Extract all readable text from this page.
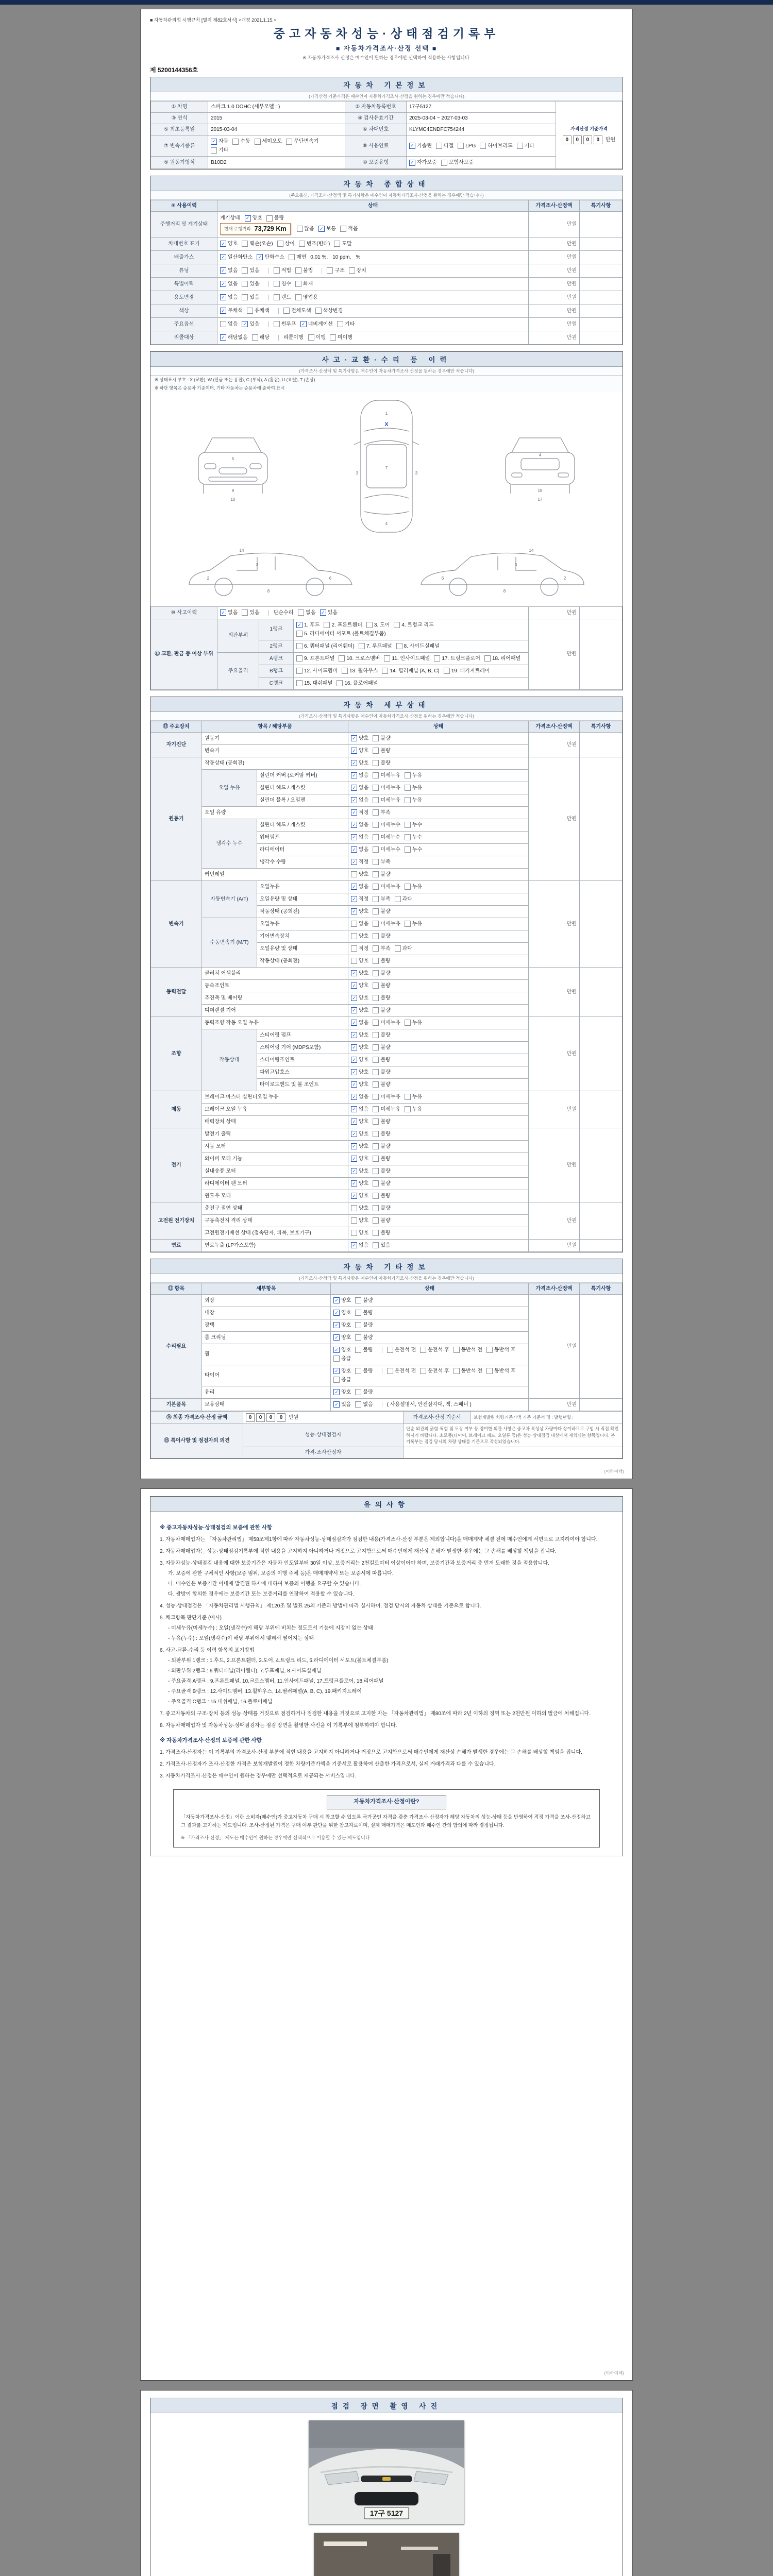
■ 자동차관리법 시행규칙 [별지 제82호서식] <개정 2021.1.15.>
중고자동차성능·상태점검기록부
■ 자동차가격조사·산정 선택 ■
※ 자동차가격조사·산정은 매수인이 원하는 경우에만 선택하여 적용하는 사항입니다.
제 5200144356호
자동차 기본정보
(가격산정 기준가격은 매수인이 자동차가격조사·산정을 원하는 경우에만 적습니다)
① 차명	스파크 1.0 DOHC (세부모델 : )	② 자동차등록번호	17구5127	가격산정 기준가격
0 0 0 0 만원

③ 연식	2015	④ 검사유효기간	2025-03-04 ~ 2027-03-03	
⑤ 최초등록일	2015-03-04	⑥ 차대번호	KLYMC4ENDFC754244	
⑦ 변속기종류	
✓ 자동 수동 세미오토 무단변속기
기타
	⑧ 사용연료	✓ 가솔린 디젤 LPG 하이브리드 기타

⑨ 원동기형식	B10D2	⑩ 보증유형	✓ 자가보증 보험사보증	
자동차 종합상태
(주요옵션, 가격조사·산정액 및 특기사항은 매수인이 자동차가격조사·산정을 원하는 경우에만 적습니다)
⑨ 사용이력	상태	가격조사·산정액	특기사항
주행거리 및 계기상태	
계기상태 ✓ 양호 불량
현재 주행거리 73,729 Km	많음 ✓ 보통 적음
	만원	
차대번호 표기	✓ 양호 훼손(오손) 상이 변조(변타) 도말	만원	
배출가스	✓ 일산화탄소 ✓ 탄화수소 매연 0.01 %, 10 ppm, %	만원	
튜닝	✓ 없음 있음	적법 불법	구조 장치	만원	
특별이력	✓ 없음 있음 침수 화재	만원	
용도변경	✓ 없음 있음 렌트 영업용	만원	
색상	✓ 무채색 유채색 전체도색 색상변경	만원	
주요옵션	없음 ✓ 있음	썬루프 ✓ 네비게이션 기타	만원	
리콜대상	✓ 해당없음 해당	리콜이행 이행 미이행	만원	
사고·교환·수리 등 이력
(가격조사·산정액 및 특기사항은 매수인이 자동차가격조사·산정을 원하는 경우에만 적습니다)
※ 상태표시 부호 : X (교환), W (판금 또는 용접), C (부식), A (흠집), U (요철), T (손상)
※ 하단 항목은 승용차 기준이며, 기타 자동차는 승용차에 준하여 표시
5
9
10
1
7
4
3	3
X
4
18
17
2
3
6
8
14
2
3
6
8
14
⑩ 사고이력	✓ 없음 있음	단순수리 없음 ✓ 있음	만원	
⑪ 교환, 판금 등 이상 부위	외판부위	1랭크	
✓ 1. 후드 2. 프론트휀더 3. 도어 4. 트렁크 리드
5. 라디에이터 서포트 (볼트체결부품)
	만원	
		2랭크	6. 쿼터패널 (리어휀더) 7. 루프패널 8. 사이드실패널		

	주요골격	A랭크	9. 프론트패널 10. 크로스멤버 11. 인사이드패널 17. 트렁크플로어 18. 리어패널		

		B랭크	12. 사이드멤버 13. 휠하우스 14. 필러패널 (A, B, C) 19. 패키지트레이		

		C랭크	15. 대쉬패널 16. 플로어패널		
자동차 세부상태
(가격조사·산정액 및 특기사항은 매수인이 자동차가격조사·산정을 원하는 경우에만 적습니다)
⑫ 주요장치	항목 / 해당부품		상태	가격조사·산정액	특기사항
자기진단	원동기		✓ 양호 불량	만원	
	변속기		✓ 양호 불량		

원동기	작동상태 (공회전)		✓ 양호 불량	만원	
	오일 누유	실린더 커버 (로커암 커버)	✓ 없음 미세누유 누유		

		실린더 헤드 / 개스킷	✓ 없음 미세누유 누유		

		실린더 블록 / 오일팬	✓ 없음 미세누유 누유		

	오일 유량		✓ 적정 부족		

	냉각수 누수	실린더 헤드 / 개스킷	✓ 없음 미세누수 누수		

		워터펌프	✓ 없음 미세누수 누수		

		라디에이터	✓ 없음 미세누수 누수		

		냉각수 수량	✓ 적정 부족		

	커먼레일		양호 불량		

변속기	자동변속기 (A/T)	오일누유	✓ 없음 미세누유 누유	만원	
		오일유량 및 상태	✓ 적정 부족 과다		

		작동상태 (공회전)	✓ 양호 불량		

	수동변속기 (M/T)	오일누유	없음 미세누유 누유		

		기어변속장치	양호 불량		

		오일유량 및 상태	적정 부족 과다		

		작동상태 (공회전)	양호 불량		

동력전달	클러치 어셈블리		✓ 양호 불량	만원	
	등속조인트		✓ 양호 불량		

	추진축 및 베어링		✓ 양호 불량		

	디퍼렌셜 기어		✓ 양호 불량		

조향	동력조향 작동 오일 누유		✓ 없음 미세누유 누유	만원	
	작동상태	스티어링 펌프	✓ 양호 불량		

		스티어링 기어 (MDPS포함)	✓ 양호 불량		

		스티어링조인트	✓ 양호 불량		

		파워고압호스	✓ 양호 불량		

		타이로드엔드 및 볼 조인트	✓ 양호 불량		

제동	브레이크 마스터 실린더오일 누유		✓ 없음 미세누유 누유	만원	
	브레이크 오일 누유		✓ 없음 미세누유 누유		

	배력장치 상태		✓ 양호 불량		

전기	발전기 출력		✓ 양호 불량	만원	
	시동 모터		✓ 양호 불량		

	와이퍼 모터 기능		✓ 양호 불량		

	실내송풍 모터		✓ 양호 불량		

	라디에이터 팬 모터		✓ 양호 불량		

	윈도우 모터		✓ 양호 불량		

고전원 전기장치	충전구 절연 상태		양호 불량	만원	
	구동축전지 격리 상태		양호 불량		

	고전원전기배선 상태 (접속단자, 피복, 보호기구)		양호 불량		

연료	연료누출 (LP가스포함)		✓ 없음 있음	만원	
자동차 기타정보
(가격조사·산정액 및 특기사항은 매수인이 자동차가격조사·산정을 원하는 경우에만 적습니다)
⑬ 항목	세부항목	상태	가격조사·산정액	특기사항
수리필요	외장	✓ 양호 불량	만원	
	내장	✓ 양호 불량		

	광택	✓ 양호 불량		

	룸 크리닝	✓ 양호 불량		

휠	
✓ 양호 불량	운전석 전 운전석 후 동반석 전 동반석 후
응급

타이어	
✓ 양호 불량	운전석 전 운전석 후 동반석 전 동반석 후
응급

	유리	✓ 양호 불량		

기본품목	보유상태	✓ 있음 없음 ( 사용설명서, 안전삼각대, 잭, 스패너 )	만원	
⑭ 최종 가격조사·산정 금액	0 0 0 0 만원	가격조사·산정 기준서	보험개발원 차량기준가액 기준 기준서 명 : 발행년월 :
⑮ 특이사항 및 점검자의 의견	성능·상태점검자	단순 외관의 긁힘·찍힘 및 도장 여부 등 경미한 외관 사항은 중고차 특성상 차량마다 상이하므로 구입 시 직접 확인하시기 바랍니다. 소모품(타이어, 브레이크 패드, 오일류 등)은 성능·상태점검 대상에서 제외되는 항목입니다. 본 기록부는 점검 당시의 차량 상태를 기준으로 작성되었습니다.	
	가격·조사산정자		
(이하여백)
유의사항
※ 중고자동차성능·상태점검의 보증에 관한 사항
1. 자동차매매업자는 「자동차관리법」 제58조제1항에 따라 자동차성능·상태점검자가 점검한 내용(가격조사·산정 부분은 제외합니다)을 매매계약 체결 전에 매수인에게 서면으로 고지하여야 합니다.
2. 자동차매매업자는 성능·상태점검기록부에 적힌 내용을 고지하지 아니하거나 거짓으로 고지함으로써 매수인에게 재산상 손해가 발생한 경우에는 그 손해를 배상할 책임을 집니다.
3. 자동차성능·상태점검 내용에 대한 보증기간은 자동차 인도일부터 30일 이상, 보증거리는 2천킬로미터 이상이어야 하며, 보증기간과 보증거리 중 먼저 도래한 것을 적용합니다.
가. 보증에 관한 구체적인 사항(보증 범위, 보증의 이행 주체 등)은 매매계약서 또는 보증서에 따릅니다.
나. 매수인은 보증기간 이내에 발견된 하자에 대하여 보증의 이행을 요구할 수 있습니다.
다. 쌍방이 합의한 경우에는 보증기간 또는 보증거리를 연장하여 적용할 수 있습니다.
4. 성능·상태점검은 「자동차관리법 시행규칙」 제120조 및 별표 25의 기준과 방법에 따라 실시하며, 점검 당시의 자동차 상태를 기준으로 합니다.
5. 체크항목 판단기준 (예시)
- 미세누유(미세누수) : 오일(냉각수)이 해당 부위에 비치는 정도로서 기능에 지장이 없는 상태
- 누유(누수) : 오일(냉각수)이 해당 부위에서 맺혀서 떨어지는 상태
6. 사고·교환·수리 등 이력 항목의 표기방법
- 외판부위 1랭크 : 1.후드, 2.프론트휀더, 3.도어, 4.트렁크 리드, 5.라디에이터 서포트(볼트체결부품)
- 외판부위 2랭크 : 6.쿼터패널(리어휀더), 7.루프패널, 8.사이드실패널
- 주요골격 A랭크 : 9.프론트패널, 10.크로스멤버, 11.인사이드패널, 17.트렁크플로어, 18.리어패널
- 주요골격 B랭크 : 12.사이드멤버, 13.휠하우스, 14.필러패널(A, B, C), 19.패키지트레이
- 주요골격 C랭크 : 15.대쉬패널, 16.플로어패널
7. 중고자동차의 구조·장치 등의 성능·상태를 거짓으로 점검하거나 점검한 내용을 거짓으로 고지한 자는 「자동차관리법」 제80조에 따라 2년 이하의 징역 또는 2천만원 이하의 벌금에 처해집니다.
8. 자동차매매업자 및 자동차성능·상태점검자는 점검 장면을 촬영한 사진을 이 기록부에 첨부하여야 합니다.
※ 자동차가격조사·산정의 보증에 관한 사항
1. 가격조사·산정자는 이 기록부의 가격조사·산정 부분에 적힌 내용을 고지하지 아니하거나 거짓으로 고지함으로써 매수인에게 재산상 손해가 발생한 경우에는 그 손해를 배상할 책임을 집니다.
2. 가격조사·산정자가 조사·산정한 가격은 보험개발원이 정한 차량기준가액을 기준서로 활용하여 산출한 가격으로서, 실제 거래가격과 다를 수 있습니다.
3. 자동차가격조사·산정은 매수인이 원하는 경우에만 선택적으로 제공되는 서비스입니다.
자동차가격조사·산정이란?
「자동차가격조사·산정」이란 소비자(매수인)가 중고자동차 구매 시 참고할 수 있도록 국가공인 자격을 갖춘 가격조사·산정자가 해당 자동차의 성능·상태 등을 반영하여 적정 가격을 조사·산정하고 그 결과를 고지하는 제도입니다. 조사·산정된 가격은 구매 여부 판단을 위한 참고자료이며, 실제 매매가격은 매도인과 매수인 간의 합의에 따라 결정됩니다.
※ 「가격조사·산정」 제도는 매수인이 원하는 경우에만 선택적으로 이용할 수 있는 제도입니다.
(이하여백)
점검 장면 촬영 사진
17구 5127
